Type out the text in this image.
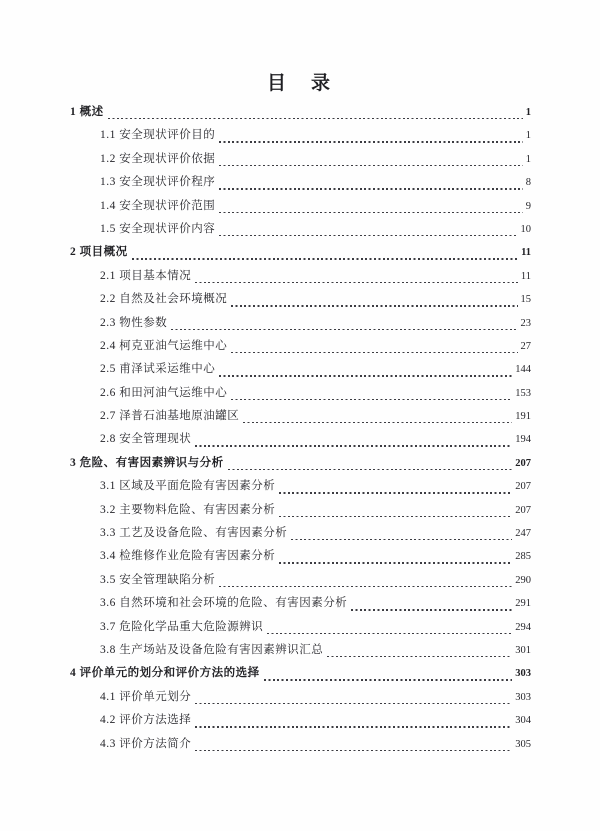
目　录
1 概述	1
1.1 安全现状评价目的	1
1.2 安全现状评价依据	1
1.3 安全现状评价程序	8
1.4 安全现状评价范围	9
1.5 安全现状评价内容	10
2 项目概况	11
2.1 项目基本情况	11
2.2 自然及社会环境概况	15
2.3 物性参数	23
2.4 柯克亚油气运维中心	27
2.5 甫泽试采运维中心	144
2.6 和田河油气运维中心	153
2.7 泽普石油基地原油罐区	191
2.8 安全管理现状	194
3 危险、有害因素辨识与分析	207
3.1 区域及平面危险有害因素分析	207
3.2 主要物料危险、有害因素分析	207
3.3 工艺及设备危险、有害因素分析	247
3.4 检维修作业危险有害因素分析	285
3.5 安全管理缺陷分析	290
3.6 自然环境和社会环境的危险、有害因素分析	291
3.7 危险化学品重大危险源辨识	294
3.8 生产场站及设备危险有害因素辨识汇总	301
4 评价单元的划分和评价方法的选择	303
4.1 评价单元划分	303
4.2 评价方法选择	304
4.3 评价方法简介	305
